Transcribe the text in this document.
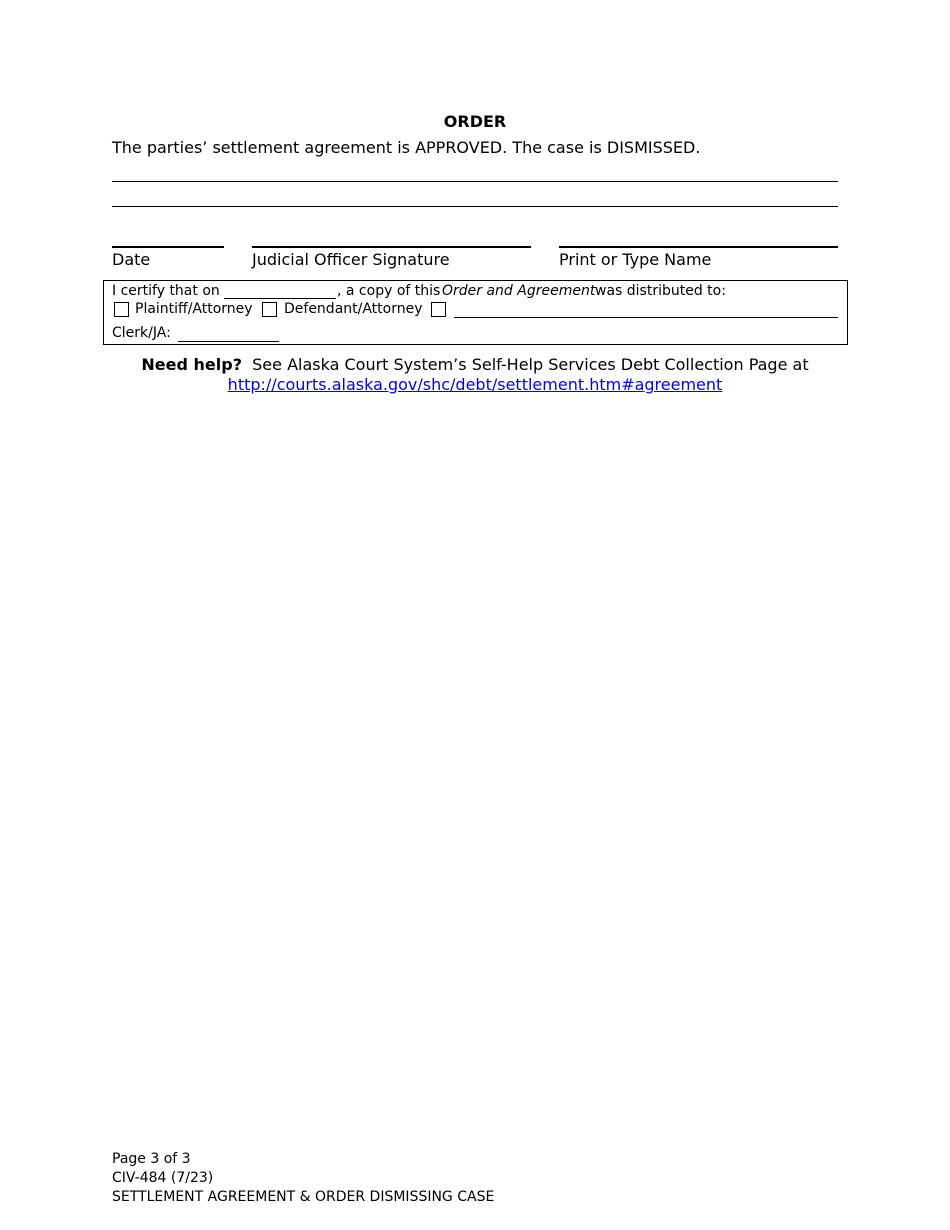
ORDER
The parties’ settlement agreement is APPROVED. The case is DISMISSED.
Date	Judicial Officer Signature	Print or Type Name
I certify that on	, a copy of this Order and Agreement was distributed to:
Plaintiff/Attorney Defendant/Attorney
Clerk/JA:
Need help? See Alaska Court System’s Self-Help Services Debt Collection Page at
http://courts.alaska.gov/shc/debt/settlement.htm#agreement
Page 3 of 3
CIV-484 (7/23)
SETTLEMENT AGREEMENT & ORDER DISMISSING CASE
